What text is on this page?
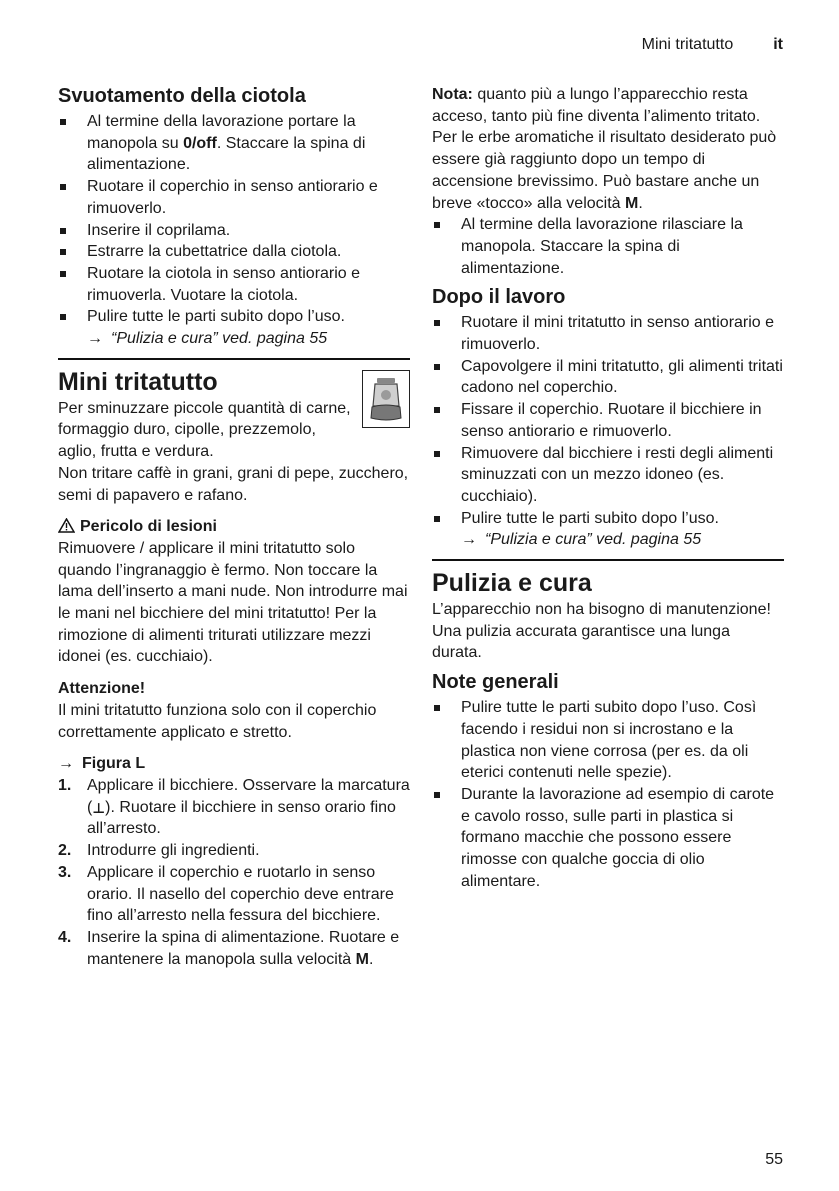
Mini tritatutto	it
Svuotamento della ciotola
Al termine della lavorazione portare la manopola su 0/off. Staccare la spina di alimentazione.
Ruotare il coperchio in senso antiorario e rimuoverlo.
Inserire il coprilama.
Estrarre la cubettatrice dalla ciotola.
Ruotare la ciotola in senso antiorario e rimuoverla. Vuotare la ciotola.
Pulire tutte le parti subito dopo l’uso.
→ “Pulizia e cura” ved. pagina 55
Mini tritatutto

Per sminuzzare piccole quantità di carne, formaggio duro, cipolle, prezzemolo, aglio, frutta e verdura.

Non tritare caffè in grani, grani di pepe, zucchero, semi di papavero e rafano.

Pericolo di lesioni

Rimuovere / applicare il mini tritatutto solo quando l’ingranaggio è fermo. Non toccare la lama dell’inserto a mani nude. Non introdurre mai le mani nel bicchiere del mini tritatutto! Per la rimozione di alimenti triturati utilizzare mezzi idonei (es. cucchiaio).

Attenzione!

Il mini tritatutto funziona solo con il coperchio correttamente applicato e stretto.

→ Figura L
1. Applicare il bicchiere. Osservare la marcatura (⊥). Ruotare il bicchiere in senso orario fino all’arresto.
2. Introdurre gli ingredienti.
3. Applicare il coperchio e ruotarlo in senso orario. Il nasello del coperchio deve entrare fino all’arresto nella fessura del bicchiere.
4. Inserire la spina di alimentazione. Ruotare e mantenere la manopola sulla velocità M.

Nota: quanto più a lungo l’apparecchio resta acceso, tanto più fine diventa l’alimento tritato. Per le erbe aromatiche il risultato desiderato può essere già raggiunto dopo un tempo di accensione brevissimo. Può bastare anche un breve «tocco» alla velocità M.

Al termine della lavorazione rilasciare la manopola. Staccare la spina di alimentazione.
Dopo il lavoro
Ruotare il mini tritatutto in senso antiorario e rimuoverlo.
Capovolgere il mini tritatutto, gli alimenti tritati cadono nel coperchio.
Fissare il coperchio. Ruotare il bicchiere in senso antiorario e rimuoverlo.
Rimuovere dal bicchiere i resti degli alimenti sminuzzati con un mezzo idoneo (es. cucchiaio).
Pulire tutte le parti subito dopo l’uso.
→ “Pulizia e cura” ved. pagina 55
Pulizia e cura

L’apparecchio non ha bisogno di manutenzione! Una pulizia accurata garantisce una lunga durata.

Note generali
Pulire tutte le parti subito dopo l’uso. Così facendo i residui non si incrostano e la plastica non viene corrosa (per es. da oli eterici contenuti nelle spezie).
Durante la lavorazione ad esempio di carote e cavolo rosso, sulle parti in plastica si formano macchie che possono essere rimosse con qualche goccia di olio alimentare.
55
